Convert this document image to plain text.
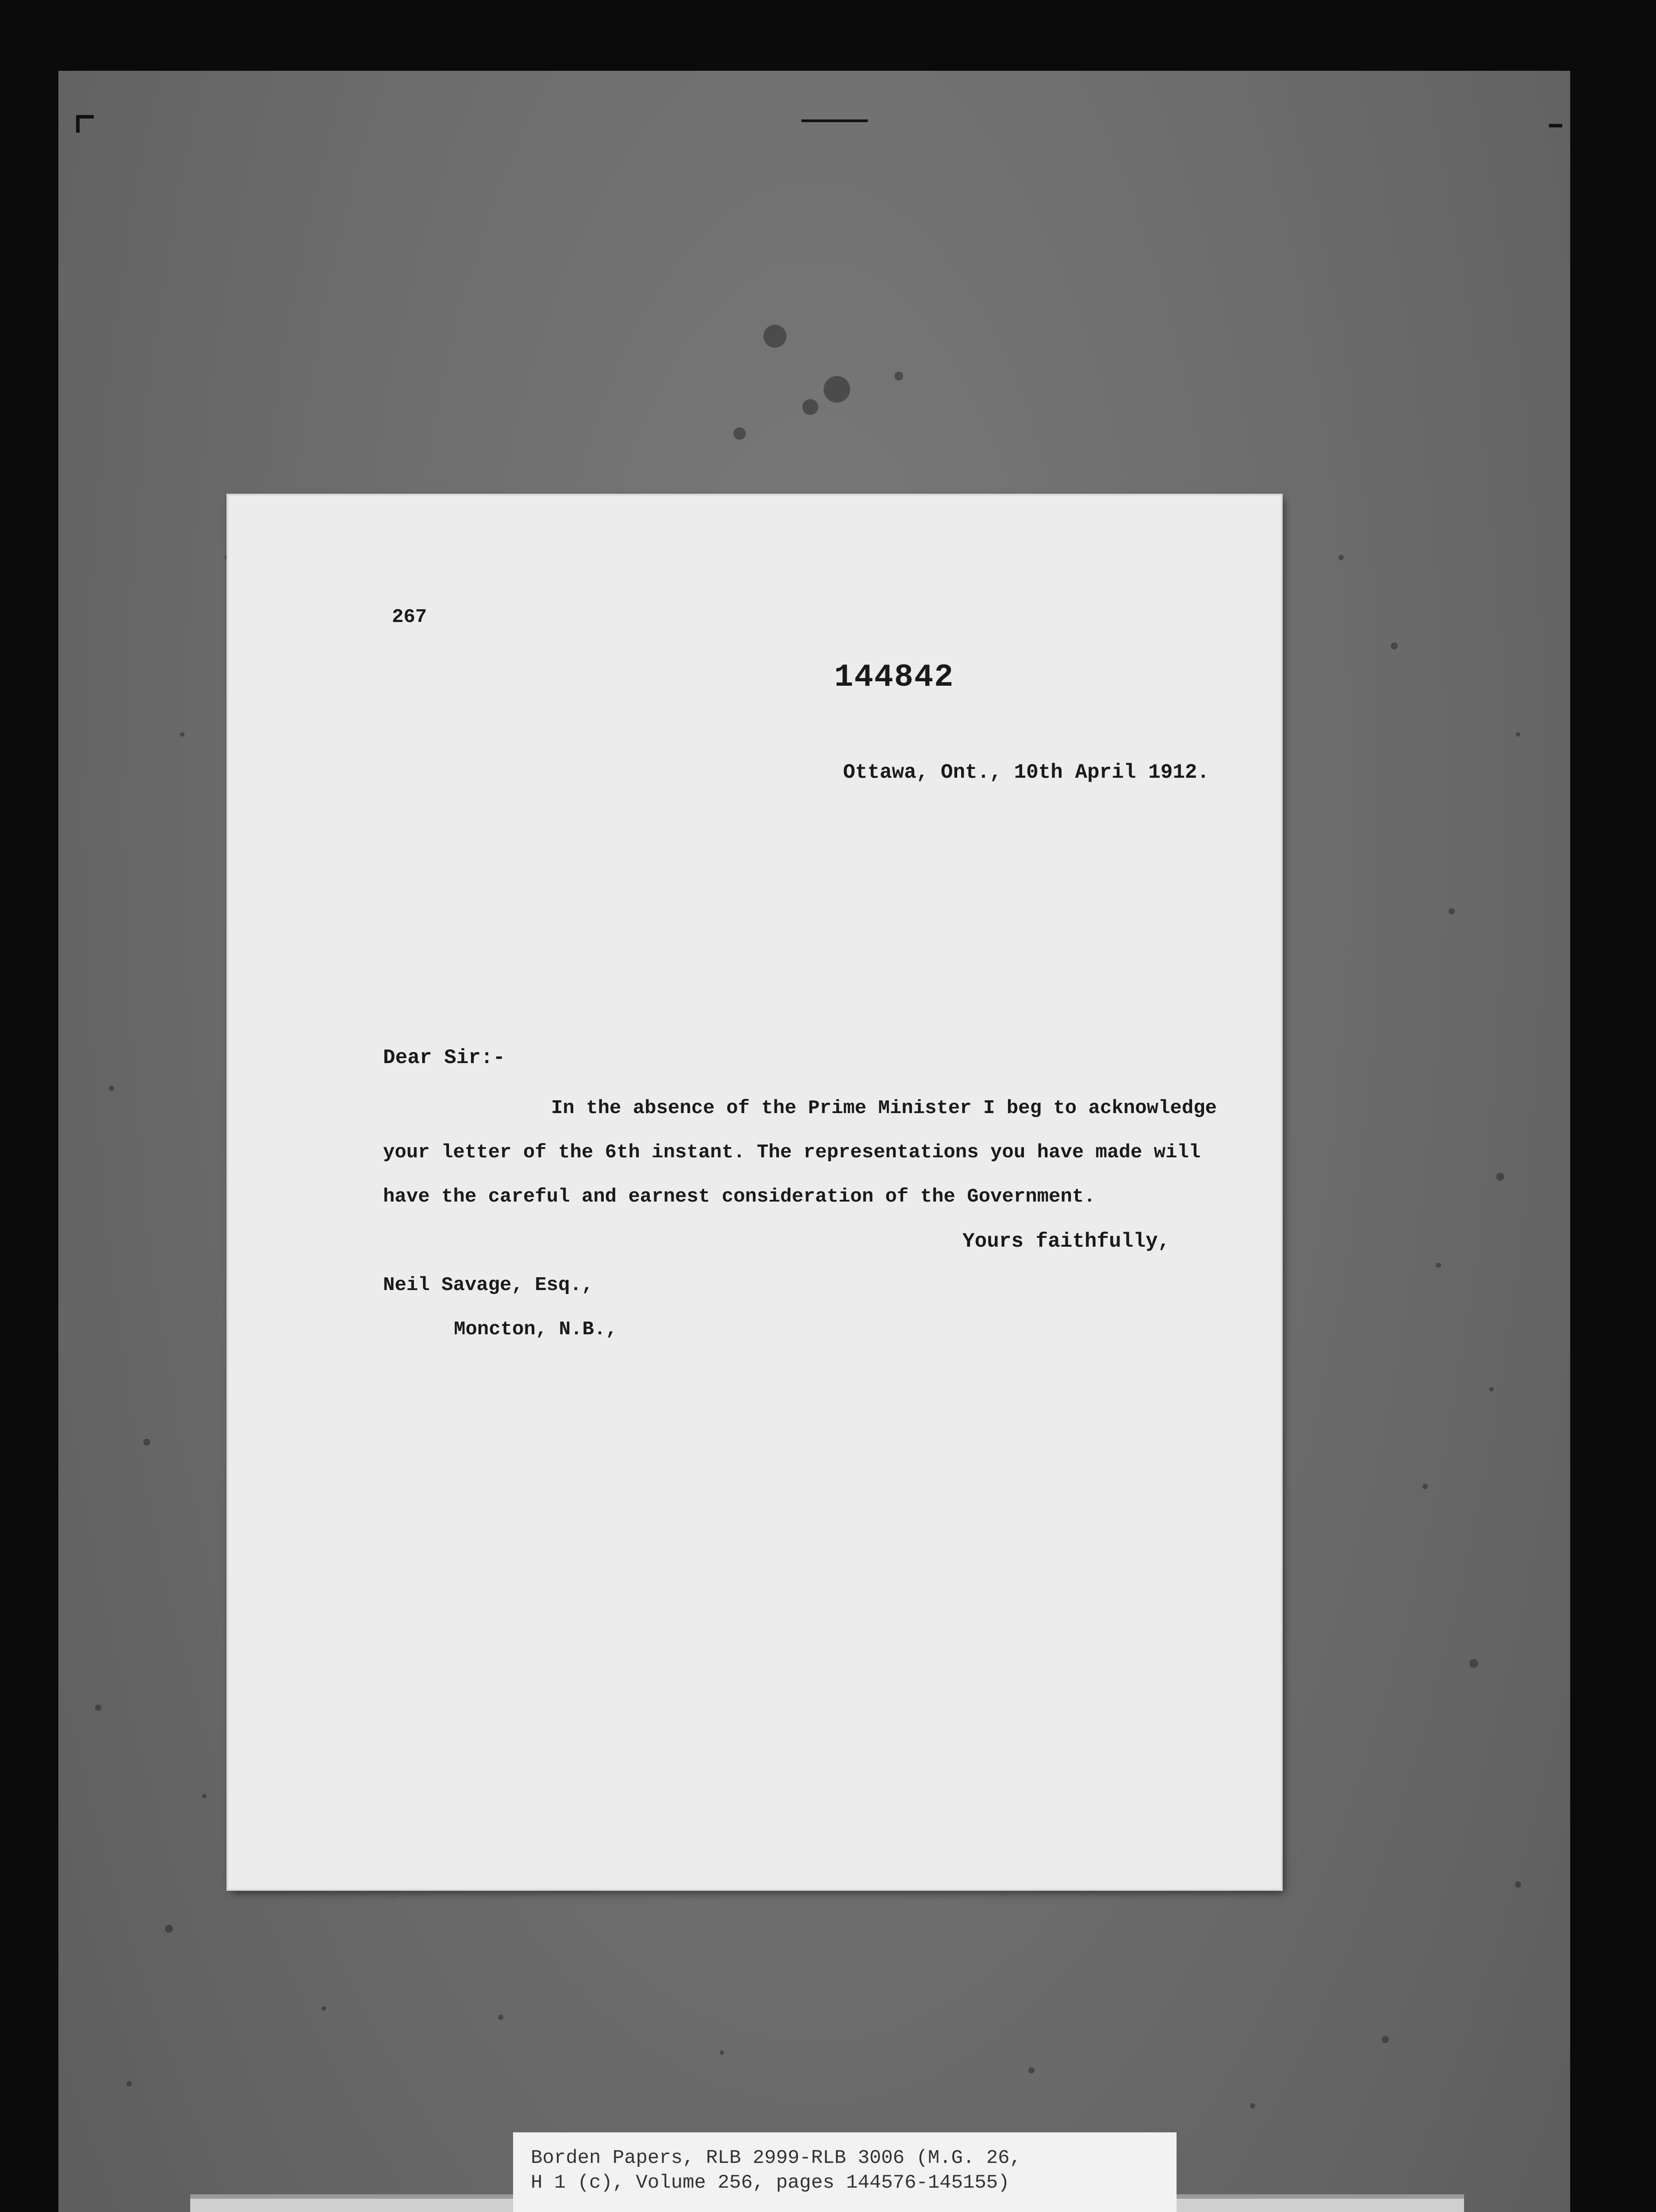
267
144842
Ottawa, Ont., 10th April 1912.
Dear Sir:-
In the absence of the Prime Minister I beg to acknowledge
your letter of the 6th instant. The representations you have made will
have the careful and earnest consideration of the Government.
Yours faithfully,
Neil Savage, Esq.,
Moncton, N.B.,
Borden Papers, RLB 2999-RLB 3006 (M.G. 26,
H 1 (c), Volume 256, pages 144576-145155)
